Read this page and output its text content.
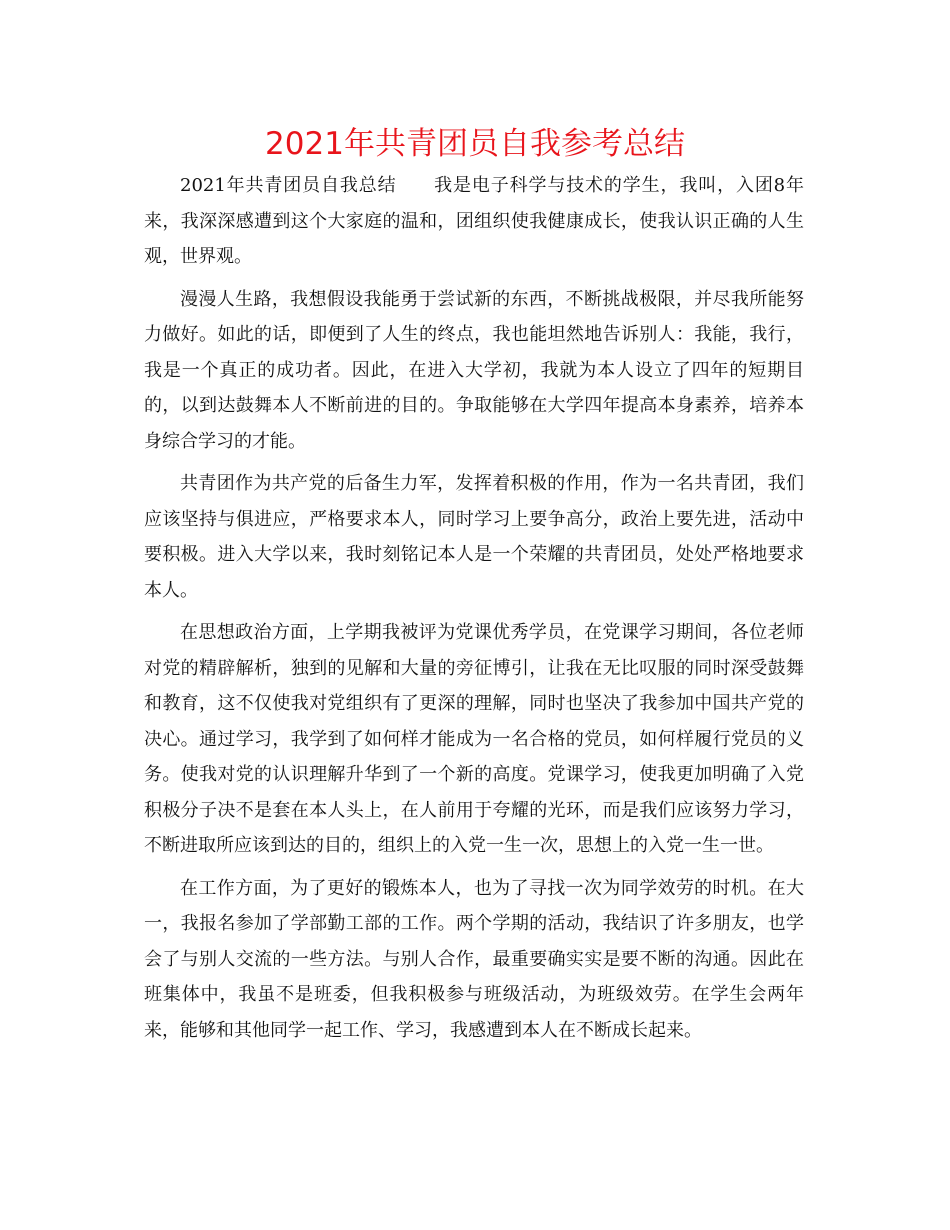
2021年共青团员自我参考总结

2021年共青团员自我总结　　我是电子科学与技术的学生，我叫，入团8年来，我深深感遭到这个大家庭的温和，团组织使我健康成长，使我认识正确的人生观，世界观。

漫漫人生路，我想假设我能勇于尝试新的东西，不断挑战极限，并尽我所能努力做好。如此的话，即便到了人生的终点，我也能坦然地告诉别人：我能，我行，我是一个真正的成功者。因此，在进入大学初，我就为本人设立了四年的短期目的，以到达鼓舞本人不断前进的目的。争取能够在大学四年提高本身素养，培养本身综合学习的才能。

共青团作为共产党的后备生力军，发挥着积极的作用，作为一名共青团，我们应该坚持与俱进应，严格要求本人，同时学习上要争高分，政治上要先进，活动中要积极。进入大学以来，我时刻铭记本人是一个荣耀的共青团员，处处严格地要求本人。

在思想政治方面，上学期我被评为党课优秀学员，在党课学习期间，各位老师对党的精辟解析，独到的见解和大量的旁征博引，让我在无比叹服的同时深受鼓舞和教育，这不仅使我对党组织有了更深的理解，同时也坚决了我参加中国共产党的决心。通过学习，我学到了如何样才能成为一名合格的党员，如何样履行党员的义务。使我对党的认识理解升华到了一个新的高度。党课学习，使我更加明确了入党积极分子决不是套在本人头上，在人前用于夸耀的光环，而是我们应该努力学习，不断进取所应该到达的目的，组织上的入党一生一次，思想上的入党一生一世。

在工作方面，为了更好的锻炼本人，也为了寻找一次为同学效劳的时机。在大一，我报名参加了学部勤工部的工作。两个学期的活动，我结识了许多朋友，也学会了与别人交流的一些方法。与别人合作，最重要确实实是要不断的沟通。因此在班集体中，我虽不是班委，但我积极参与班级活动，为班级效劳。在学生会两年来，能够和其他同学一起工作、学习，我感遭到本人在不断成长起来。
